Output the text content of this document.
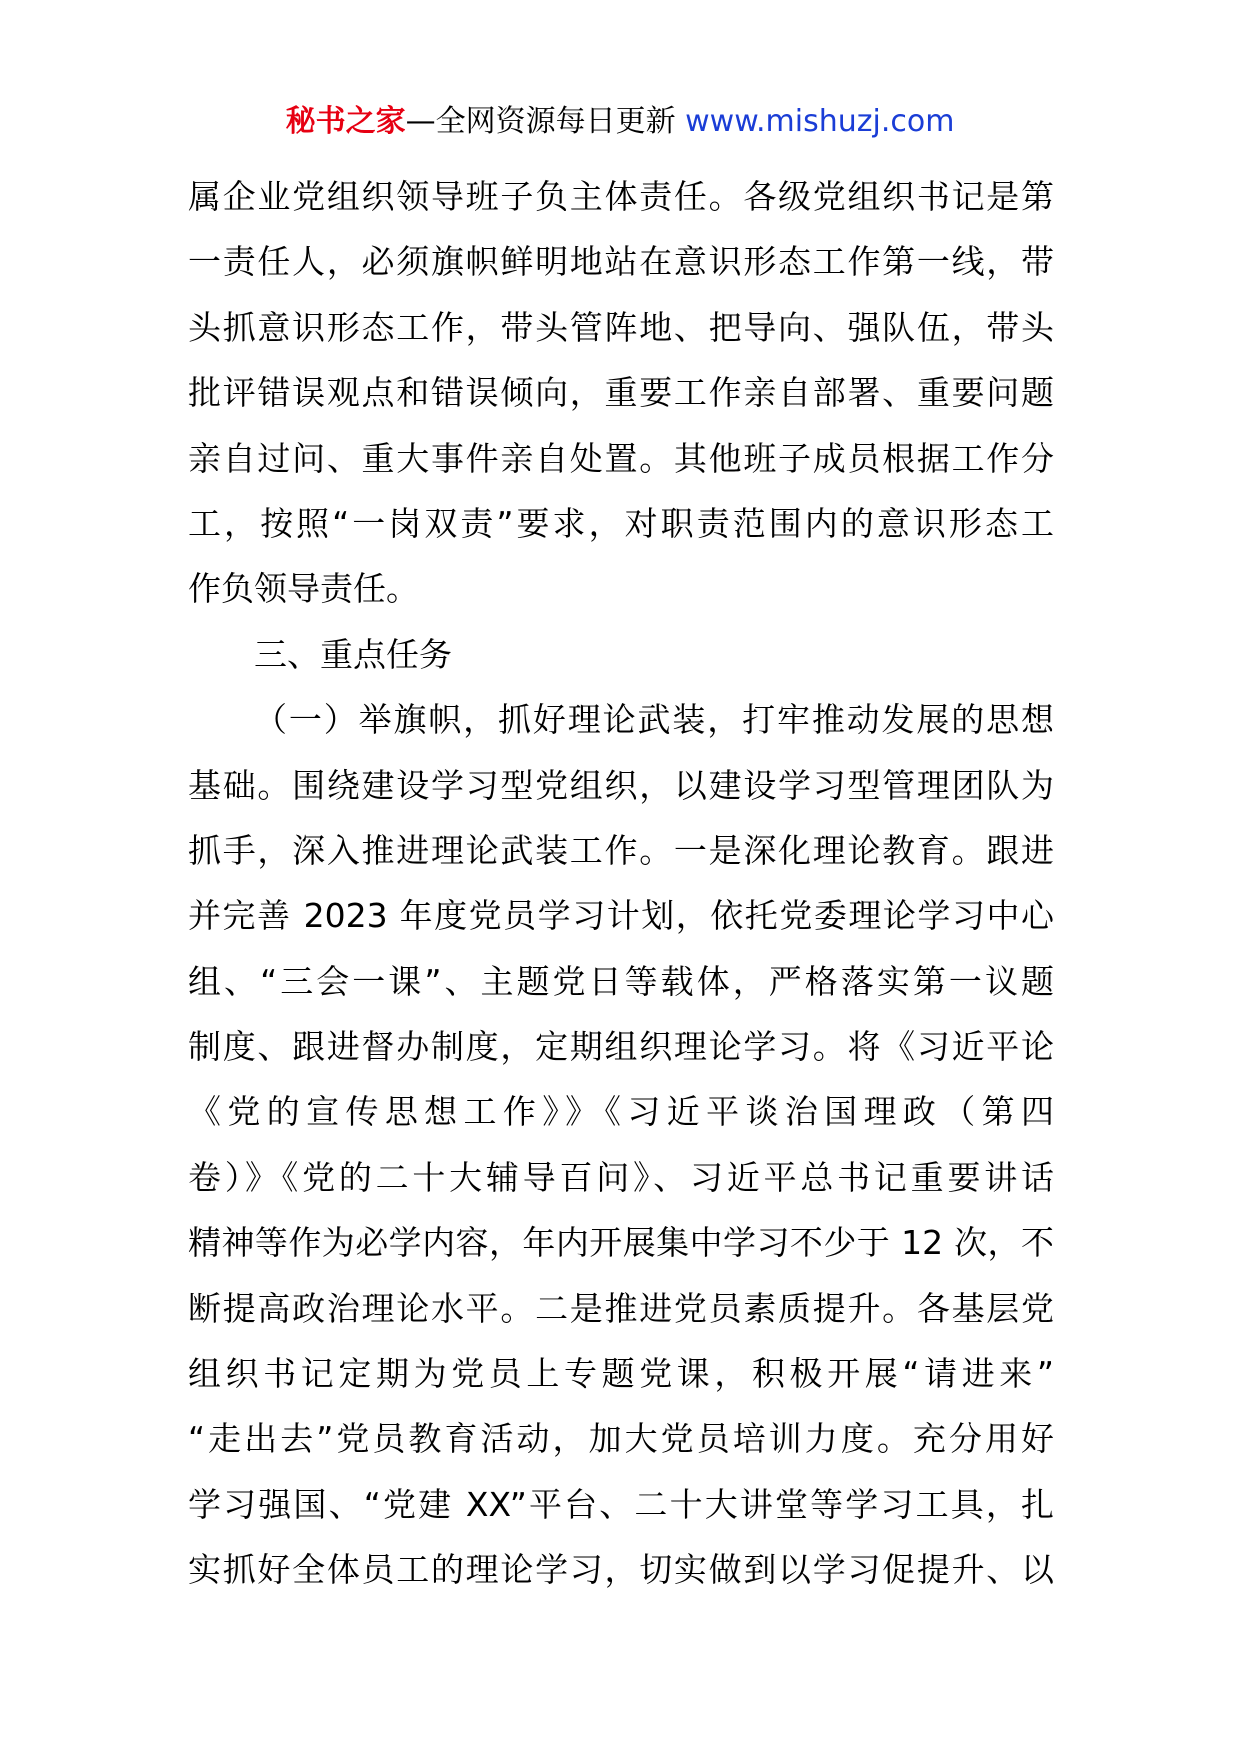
秘书之家—全网资源每日更新 www.mishuzj.com
属企业党组织领导班子负主体责任。各级党组织书记是第
一责任人，必须旗帜鲜明地站在意识形态工作第一线，带
头抓意识形态工作，带头管阵地、把导向、强队伍，带头
批评错误观点和错误倾向，重要工作亲自部署、重要问题
亲自过问、重大事件亲自处置。其他班子成员根据工作分
工，按照“一岗双责”要求，对职责范围内的意识形态工
作负领导责任。
三、重点任务
（一）举旗帜，抓好理论武装，打牢推动发展的思想
基础。围绕建设学习型党组织，以建设学习型管理团队为
抓手，深入推进理论武装工作。一是深化理论教育。跟进
并完善 2023 年度党员学习计划，依托党委理论学习中心
组、“三会一课”、主题党日等载体，严格落实第一议题
制度、跟进督办制度，定期组织理论学习。将《习近平论
《党的宣传思想工作》》《习近平谈治国理政（第四
卷）》《党的二十大辅导百问》、习近平总书记重要讲话
精神等作为必学内容，年内开展集中学习不少于 12 次，不
断提高政治理论水平。二是推进党员素质提升。各基层党
组织书记定期为党员上专题党课，积极开展“请进来”
“走出去”党员教育活动，加大党员培训力度。充分用好
学习强国、“党建 XX”平台、二十大讲堂等学习工具，扎
实抓好全体员工的理论学习，切实做到以学习促提升、以
